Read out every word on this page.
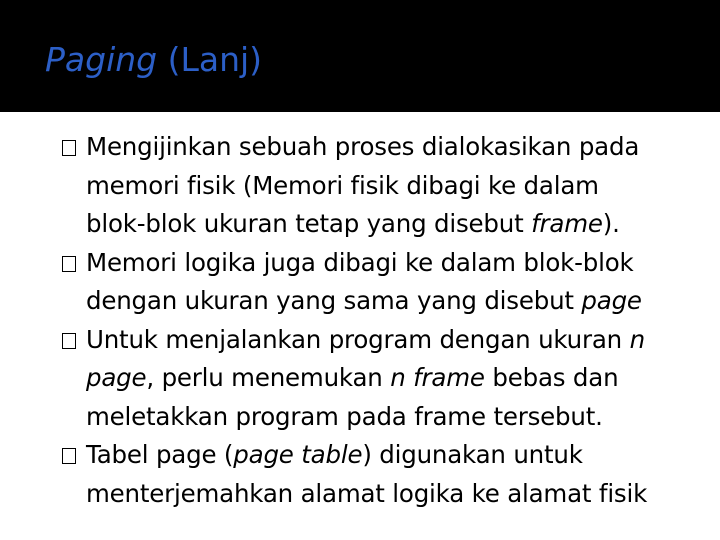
Paging (Lanj)
Mengijinkan sebuah proses dialokasikan pada
memori fisik (Memori fisik dibagi ke dalam
blok-blok ukuran tetap yang disebut frame).
Memori logika juga dibagi ke dalam blok-blok
dengan ukuran yang sama yang disebut page
Untuk menjalankan program dengan ukuran n
page, perlu menemukan n frame bebas dan
meletakkan program pada frame tersebut.
Tabel page (page table) digunakan untuk
menterjemahkan alamat logika ke alamat fisik
